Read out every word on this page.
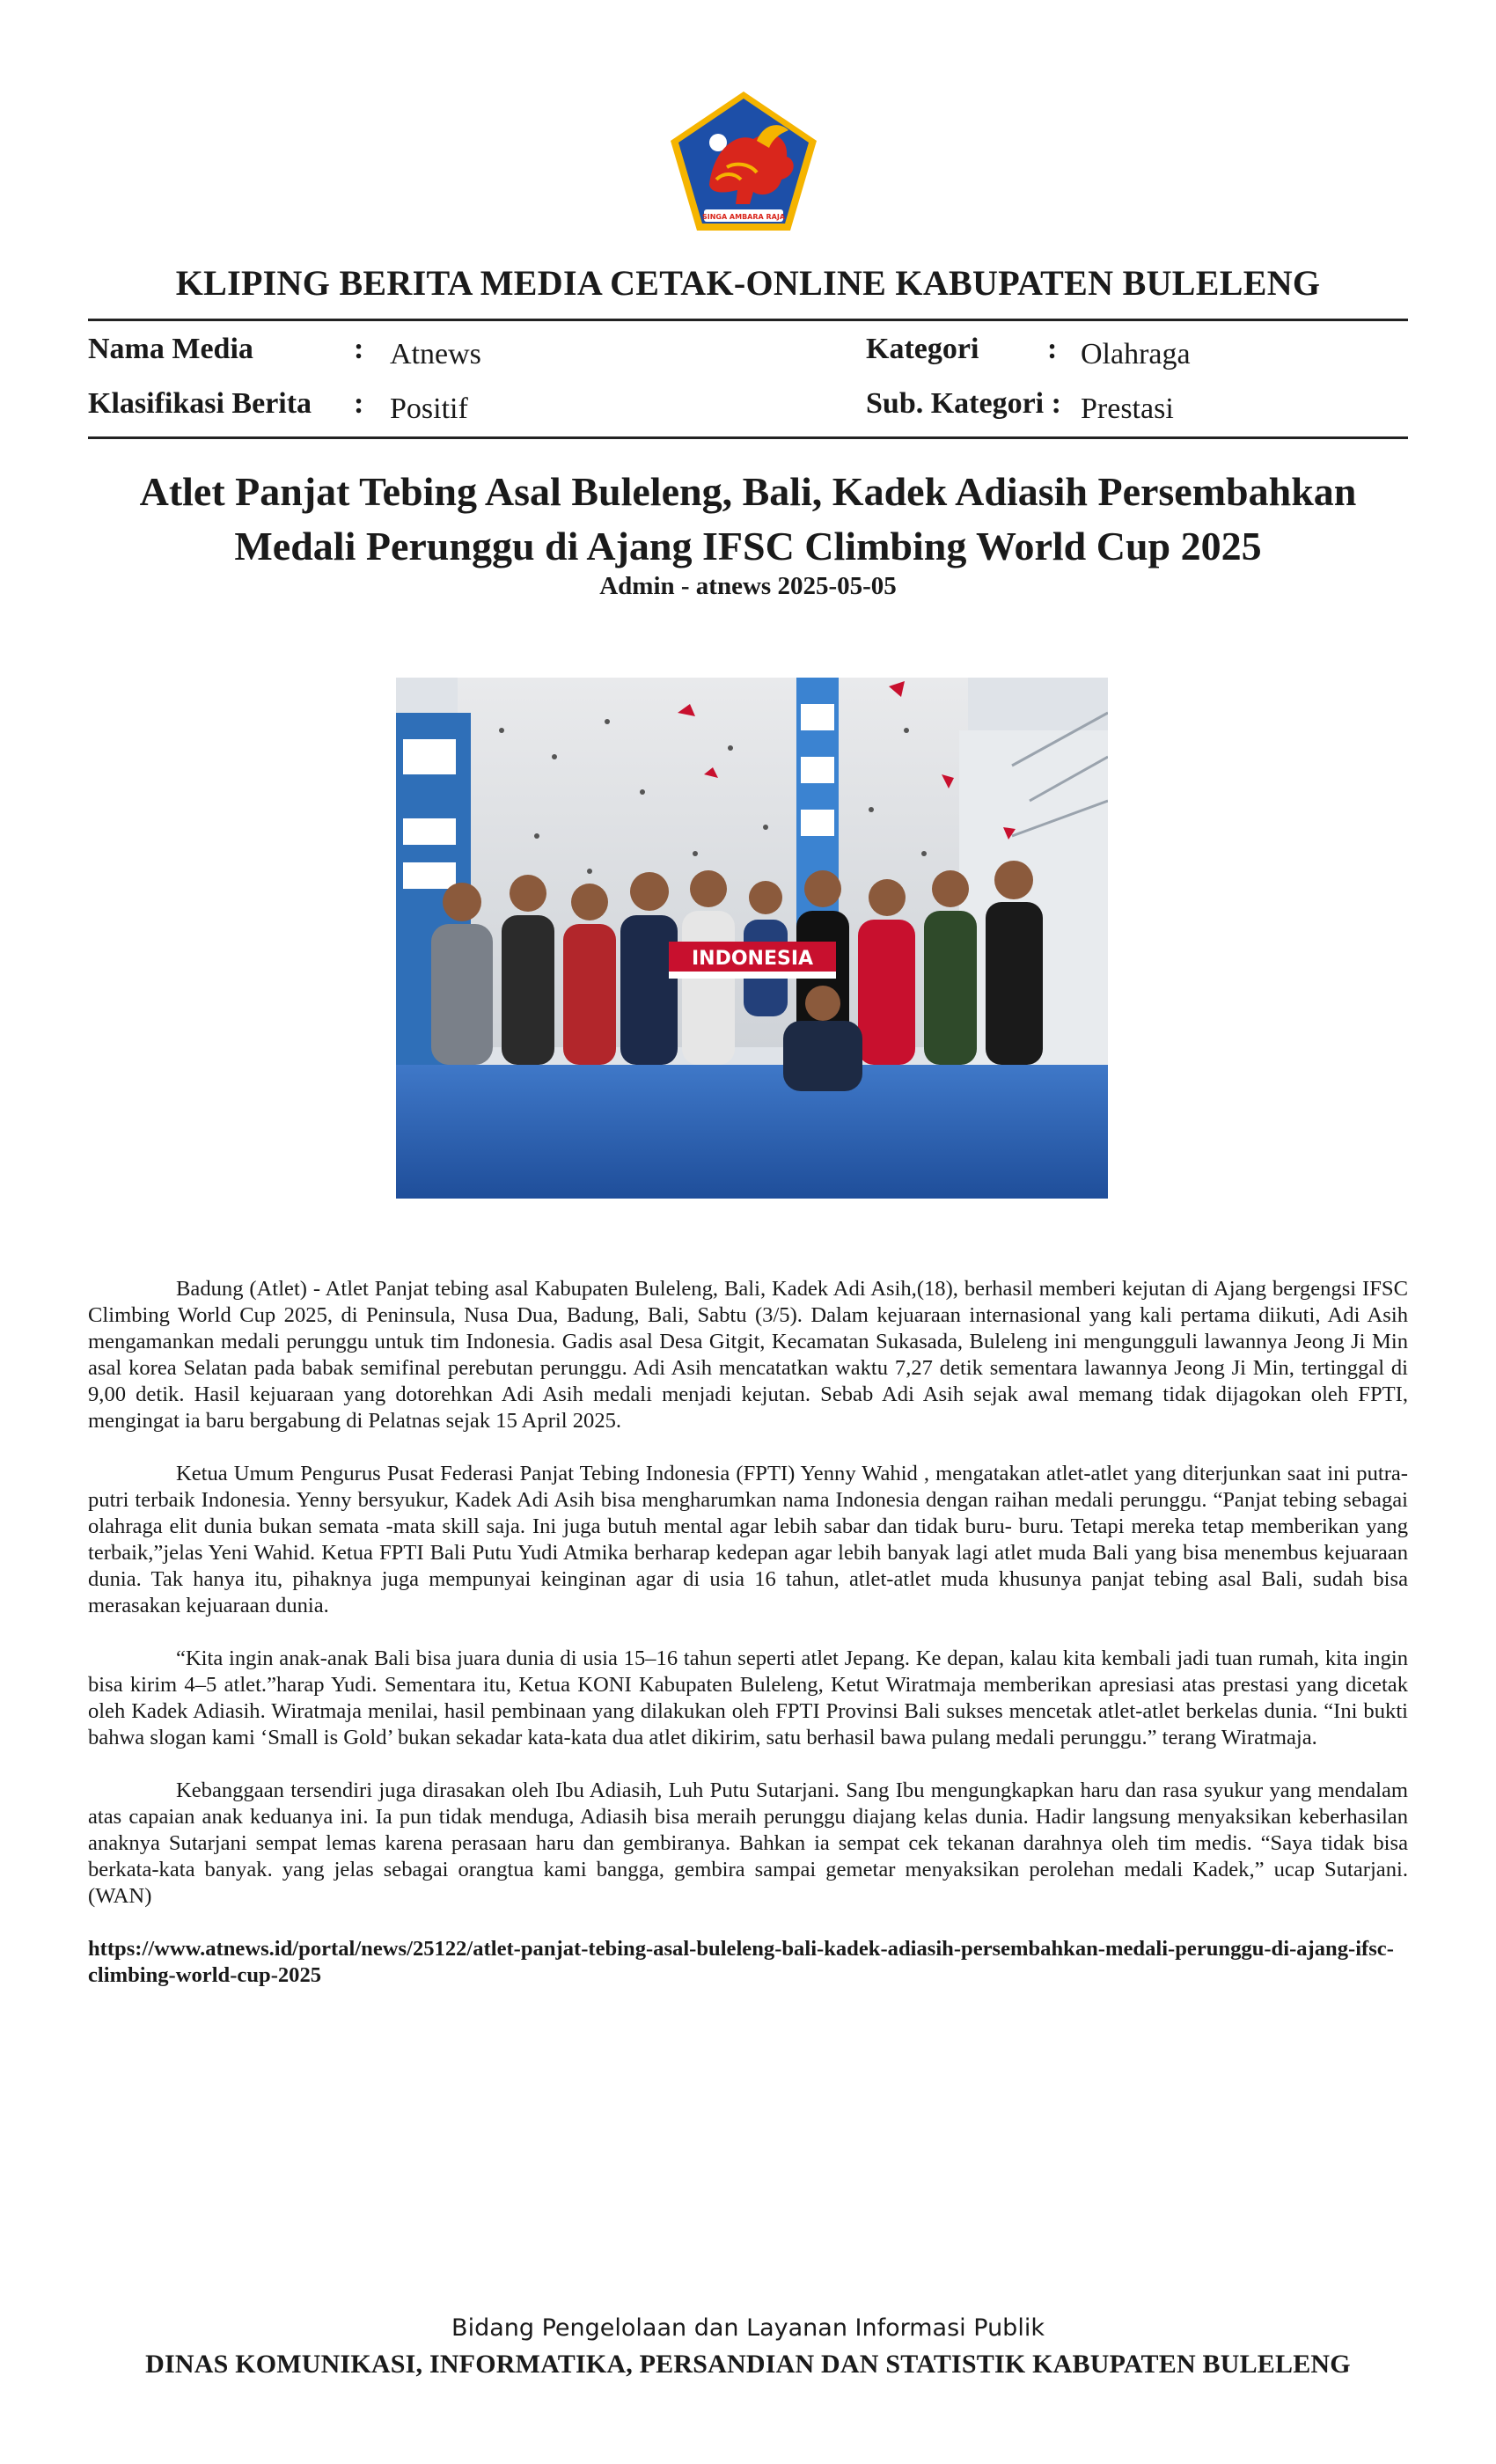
SINGA AMBARA RAJA
KLIPING BERITA MEDIA CETAK-ONLINE KABUPATEN BULELENG
Nama Media	: Atnews
Klasifikasi Berita : Positif
Kategori : Olahraga
Sub. Kategori : Prestasi
Atlet Panjat Tebing Asal Buleleng, Bali, Kadek Adiasih Persembahkan
Medali Perunggu di Ajang IFSC Climbing World Cup 2025
Admin - atnews 2025-05-05
INDONESIA

Badung (Atlet) - Atlet Panjat tebing asal Kabupaten Buleleng, Bali, Kadek Adi Asih,(18), berhasil memberi kejutan di Ajang bergengsi IFSC Climbing World Cup 2025, di Peninsula, Nusa Dua, Badung, Bali, Sabtu (3/5). Dalam kejuaraan internasional yang kali pertama diikuti, Adi Asih mengamankan medali perunggu untuk tim Indonesia. Gadis asal Desa Gitgit, Kecamatan Sukasada, Buleleng ini mengungguli lawannya Jeong Ji Min asal korea Selatan pada babak semifinal perebutan perunggu. Adi Asih mencatatkan waktu 7,27 detik sementara lawannya Jeong Ji Min, tertinggal di 9,00 detik. Hasil kejuaraan yang dotorehkan Adi Asih medali menjadi kejutan. Sebab Adi Asih sejak awal memang tidak dijagokan oleh FPTI, mengingat ia baru bergabung di Pelatnas sejak 15 April 2025.

Ketua Umum Pengurus Pusat Federasi Panjat Tebing Indonesia (FPTI) Yenny Wahid , mengatakan atlet-atlet yang diterjunkan saat ini putra-putri terbaik Indonesia. Yenny bersyukur, Kadek Adi Asih bisa mengharumkan nama Indonesia dengan raihan medali perunggu. “Panjat tebing sebagai olahraga elit dunia bukan semata -mata skill saja. Ini juga butuh mental agar lebih sabar dan tidak buru- buru. Tetapi mereka tetap memberikan yang terbaik,”jelas Yeni Wahid. Ketua FPTI Bali Putu Yudi Atmika berharap kedepan agar lebih banyak lagi atlet muda Bali yang bisa menembus kejuaraan dunia. Tak hanya itu, pihaknya juga mempunyai keinginan agar di usia 16 tahun, atlet-atlet muda khusunya panjat tebing asal Bali, sudah bisa merasakan kejuaraan dunia.

“Kita ingin anak-anak Bali bisa juara dunia di usia 15–16 tahun seperti atlet Jepang. Ke depan, kalau kita kembali jadi tuan rumah, kita ingin bisa kirim 4–5 atlet.”harap Yudi. Sementara itu, Ketua KONI Kabupaten Buleleng, Ketut Wiratmaja memberikan apresiasi atas prestasi yang dicetak oleh Kadek Adiasih. Wiratmaja menilai, hasil pembinaan yang dilakukan oleh FPTI Provinsi Bali sukses mencetak atlet-atlet berkelas dunia. “Ini bukti bahwa slogan kami ‘Small is Gold’ bukan sekadar kata-kata dua atlet dikirim, satu berhasil bawa pulang medali perunggu.” terang Wiratmaja.

Kebanggaan tersendiri juga dirasakan oleh Ibu Adiasih, Luh Putu Sutarjani. Sang Ibu mengungkapkan haru dan rasa syukur yang mendalam atas capaian anak keduanya ini. Ia pun tidak menduga, Adiasih bisa meraih perunggu diajang kelas dunia. Hadir langsung menyaksikan keberhasilan anaknya Sutarjani sempat lemas karena perasaan haru dan gembiranya. Bahkan ia sempat cek tekanan darahnya oleh tim medis. “Saya tidak bisa berkata-kata banyak. yang jelas sebagai orangtua kami bangga, gembira sampai gemetar menyaksikan perolehan medali Kadek,” ucap Sutarjani. (WAN)

https://www.atnews.id/portal/news/25122/atlet-panjat-tebing-asal-buleleng-bali-kadek-adiasih-persembahkan-medali-perunggu-di-ajang-ifsc-climbing-world-cup-2025

Bidang Pengelolaan dan Layanan Informasi Publik
DINAS KOMUNIKASI, INFORMATIKA, PERSANDIAN DAN STATISTIK KABUPATEN BULELENG
